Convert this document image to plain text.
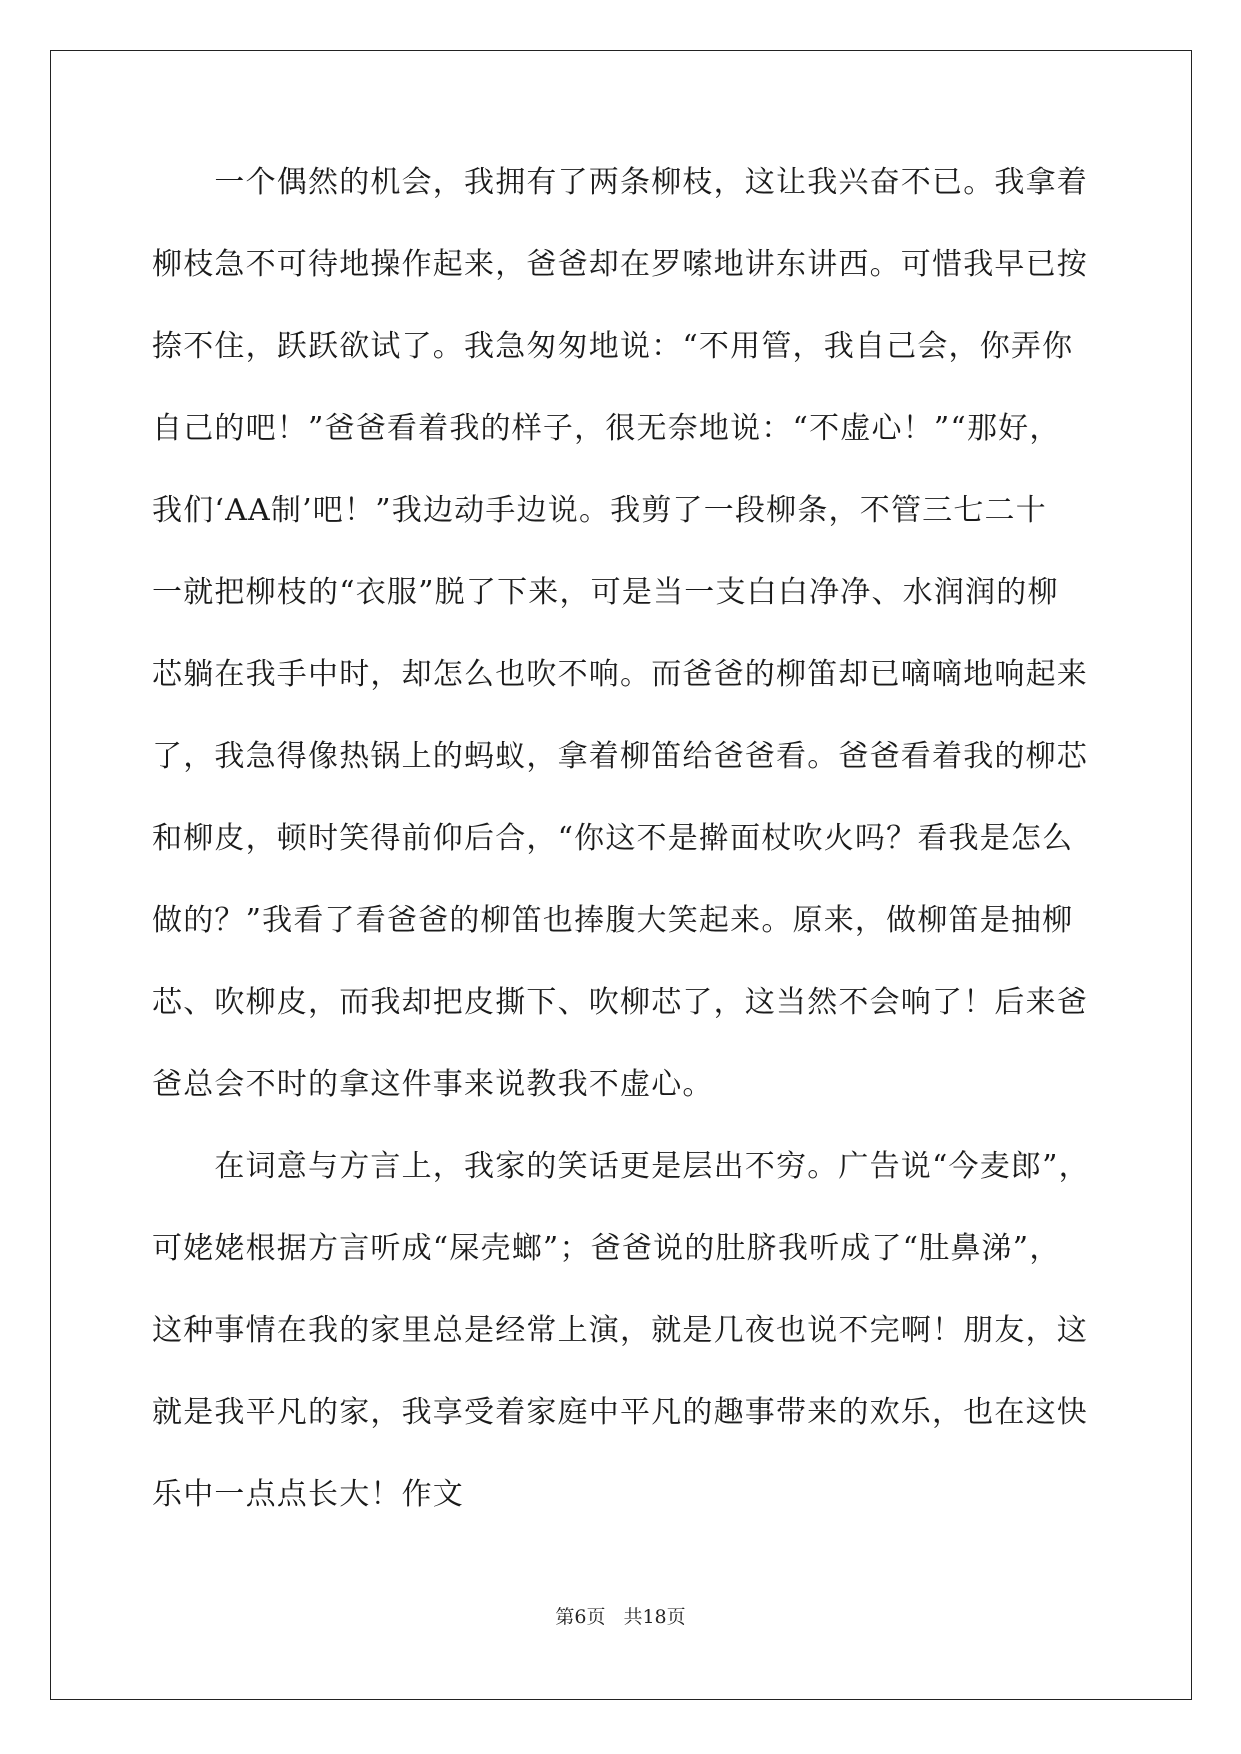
　　一个偶然的机会，我拥有了两条柳枝，这让我兴奋不已。我拿着
柳枝急不可待地操作起来，爸爸却在罗嗦地讲东讲西。可惜我早已按
捺不住，跃跃欲试了。我急匆匆地说：“不用管，我自己会，你弄你
自己的吧！”爸爸看着我的样子，很无奈地说：“不虚心！”“那好，
我们‘AA制’吧！”我边动手边说。我剪了一段柳条，不管三七二十
一就把柳枝的“衣服”脱了下来，可是当一支白白净净、水润润的柳
芯躺在我手中时，却怎么也吹不响。而爸爸的柳笛却已嘀嘀地响起来
了，我急得像热锅上的蚂蚁，拿着柳笛给爸爸看。爸爸看着我的柳芯
和柳皮，顿时笑得前仰后合，“你这不是擀面杖吹火吗？看我是怎么
做的？”我看了看爸爸的柳笛也捧腹大笑起来。原来，做柳笛是抽柳
芯、吹柳皮，而我却把皮撕下、吹柳芯了，这当然不会响了！后来爸
爸总会不时的拿这件事来说教我不虚心。
　　在词意与方言上，我家的笑话更是层出不穷。广告说“今麦郎”，
可姥姥根据方言听成“屎壳螂”；爸爸说的肚脐我听成了“肚鼻涕”，
这种事情在我的家里总是经常上演，就是几夜也说不完啊！朋友，这
就是我平凡的家，我享受着家庭中平凡的趣事带来的欢乐，也在这快
乐中一点点长大！作文
第6页 共18页
